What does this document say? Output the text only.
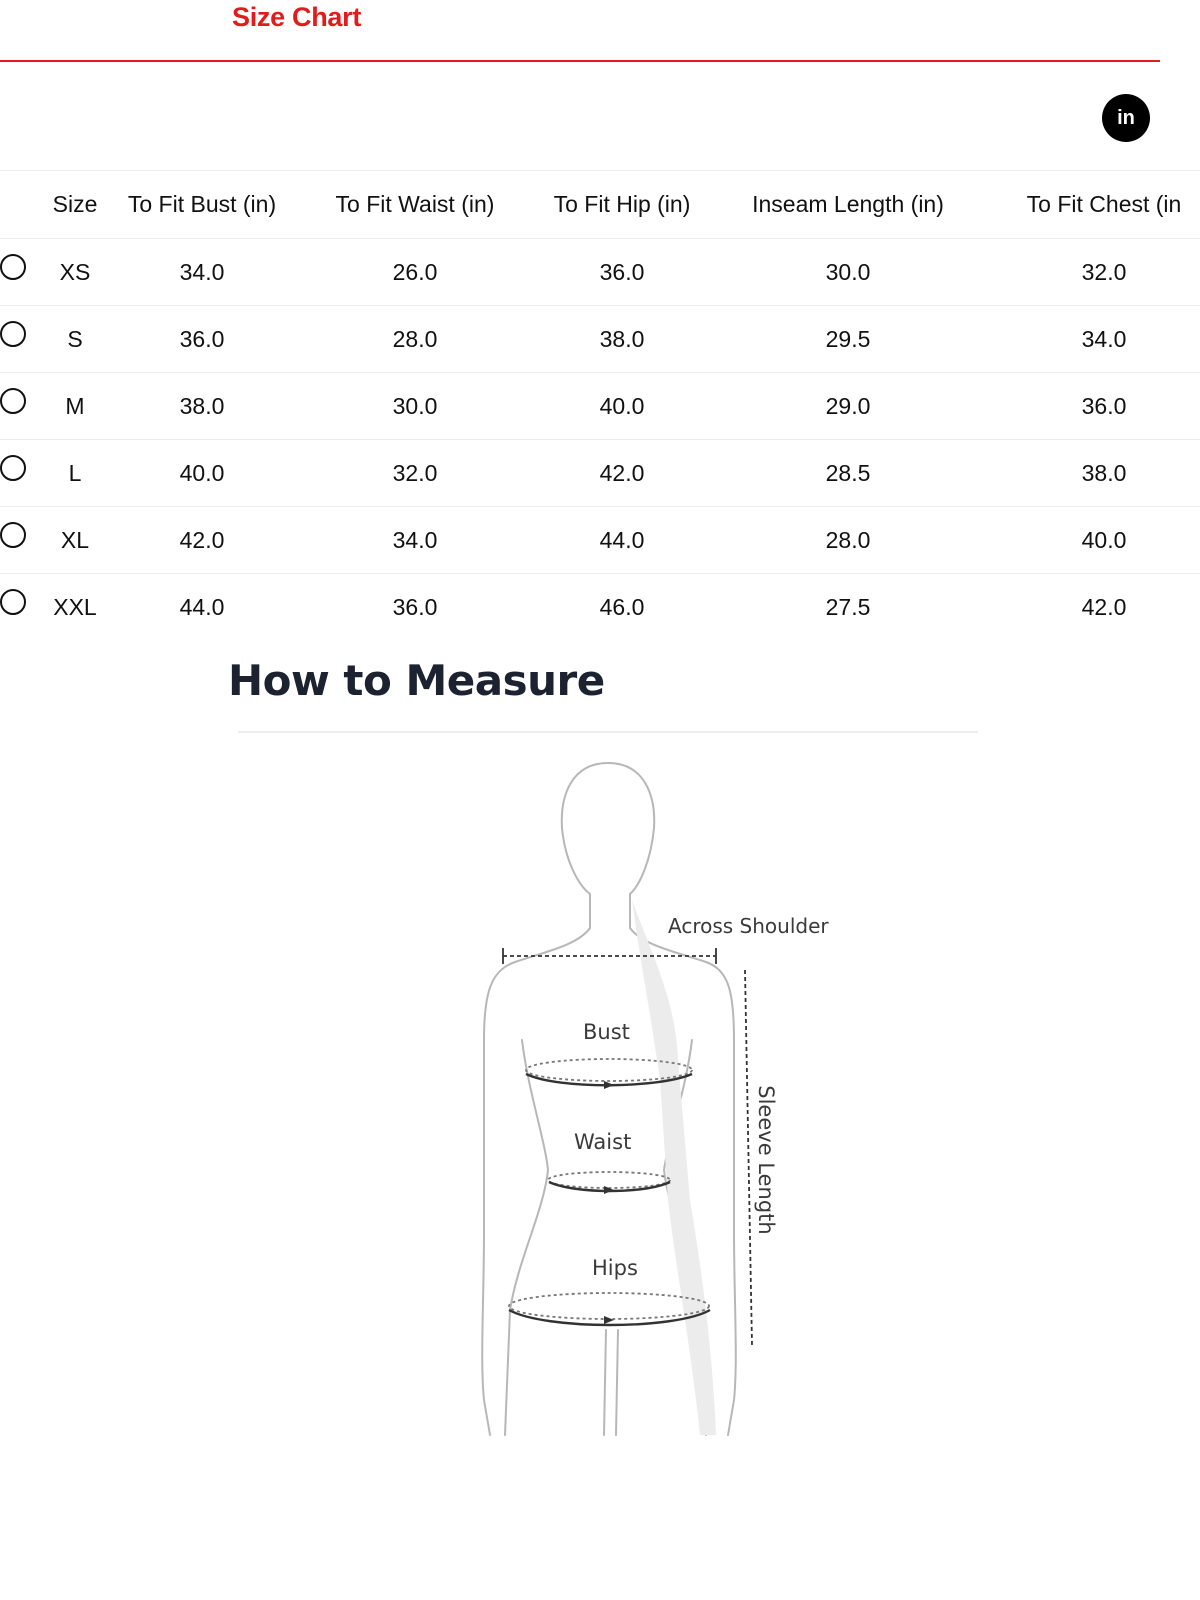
Size Chart
in
	Size	To Fit Bust (in)	To Fit Waist (in)	To Fit Hip (in)	Inseam Length (in)	To Fit Chest (in
	XS	34.0	26.0	36.0	30.0	32.0
	S	36.0	28.0	38.0	29.5	34.0
	M	38.0	30.0	40.0	29.0	36.0
	L	40.0	32.0	42.0	28.5	38.0
	XL	42.0	34.0	44.0	28.0	40.0
	XXL	44.0	36.0	46.0	27.5	42.0
How to Measure
Across Shoulder
Bust
Waist
Hips
Sleeve Length
